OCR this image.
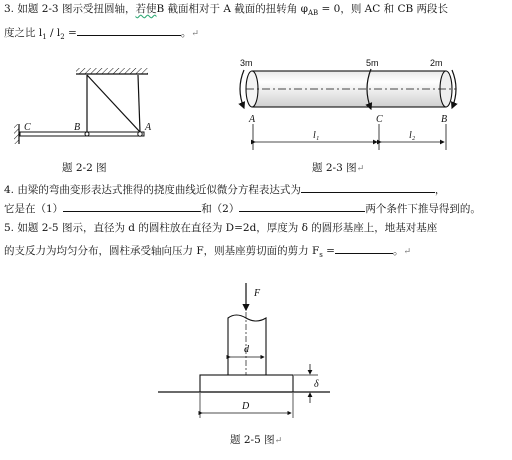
3. 如题 2-3 图示受扭圆轴，若使B 截面相对于 A 截面的扭转角 $\varphi_{AB} = 0$，则 AC 和 CB 两段长
度之比 $l_1 / l_2$ =	。↵
C	B	A
3m	5m	2m
A	C	B
l₁	l₂
F
d
δ
D
题 2-2 图	题 2-3 图↵
4. 由梁的弯曲变形表达式推得的挠度曲线近似微分方程表达式为	，
它是在（1）	和（2）	两个条件下推导得到的。
5. 如题 2-5 图示，直径为 d 的圆柱放在直径为 D=2d，厚度为 δ 的圆形基座上，地基对基座
的支反力为均匀分布，圆柱承受轴向压力 F，则基座剪切面的剪力 $F_s$ =	。↵
题 2-5 图↵
